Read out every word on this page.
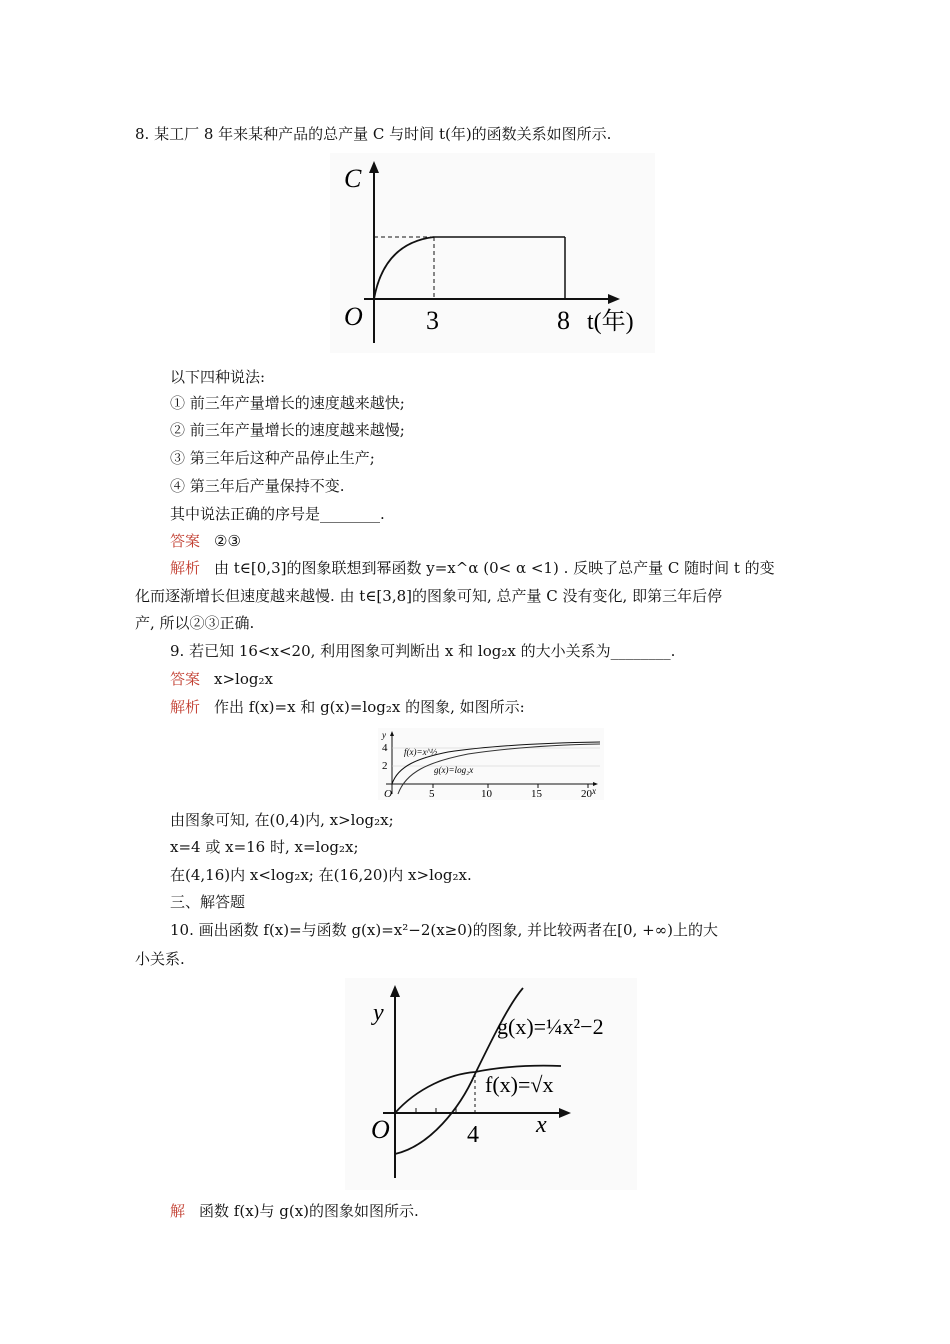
8. 某工厂 8 年来某种产品的总产量 C 与时间 t(年)的函数关系如图所示.
C
O 3	8 t(年)
以下四种说法:
① 前三年产量增长的速度越来越快;
② 前三年产量增长的速度越来越慢;
③ 第三年后这种产品停止生产;
④ 第三年后产量保持不变.
其中说法正确的序号是________.
答案 ②③
解析 由 t∈[0,3]的图象联想到幂函数 y=x^α (0< α <1) . 反映了总产量 C 随时间 t 的变
化而逐渐增长但速度越来越慢. 由 t∈[3,8]的图象可知, 总产量 C 没有变化, 即第三年后停
产, 所以②③正确.
9. 若已知 16<x<20, 利用图象可判断出 x 和 log₂x 的大小关系为________.
答案 x>log₂x
解析 作出 f(x)=x 和 g(x)=log₂x 的图象, 如图所示:
y
4
2
O	5	10	15	20 x
f(x)=x^½
g(x)=log₂x
由图象可知, 在(0,4)内, x>log₂x;
x=4 或 x=16 时, x=log₂x;
在(4,16)内 x<log₂x; 在(16,20)内 x>log₂x.
三、解答题
10. 画出函数 f(x)=与函数 g(x)=x²−2(x≥0)的图象, 并比较两者在[0, +∞)上的大
小关系.
y
O	4 x
g(x)=¼x²−2
f(x)=√x
解 函数 f(x)与 g(x)的图象如图所示.
